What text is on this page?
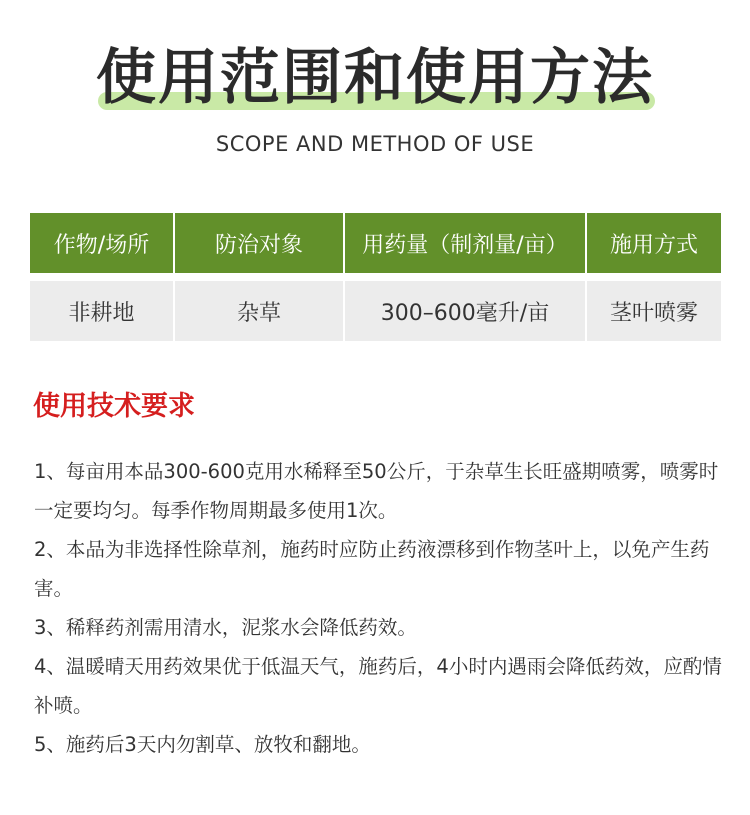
使用范围和使用方法
SCOPE AND METHOD OF USE
作物/场所	防治对象	用药量（制剂量/亩）	施用方式

非耕地	杂草	300–600毫升/亩	茎叶喷雾
使用技术要求
1、每亩用本品300-600克用水稀释至50公斤，于杂草生长旺盛期喷雾，喷雾时一定要均匀。每季作物周期最多使用1次。
2、本品为非选择性除草剂，施药时应防止药液漂移到作物茎叶上，以免产生药害。
3、稀释药剂需用清水，泥浆水会降低药效。
4、温暖晴天用药效果优于低温天气，施药后，4小时内遇雨会降低药效，应酌情补喷。
5、施药后3天内勿割草、放牧和翻地。
